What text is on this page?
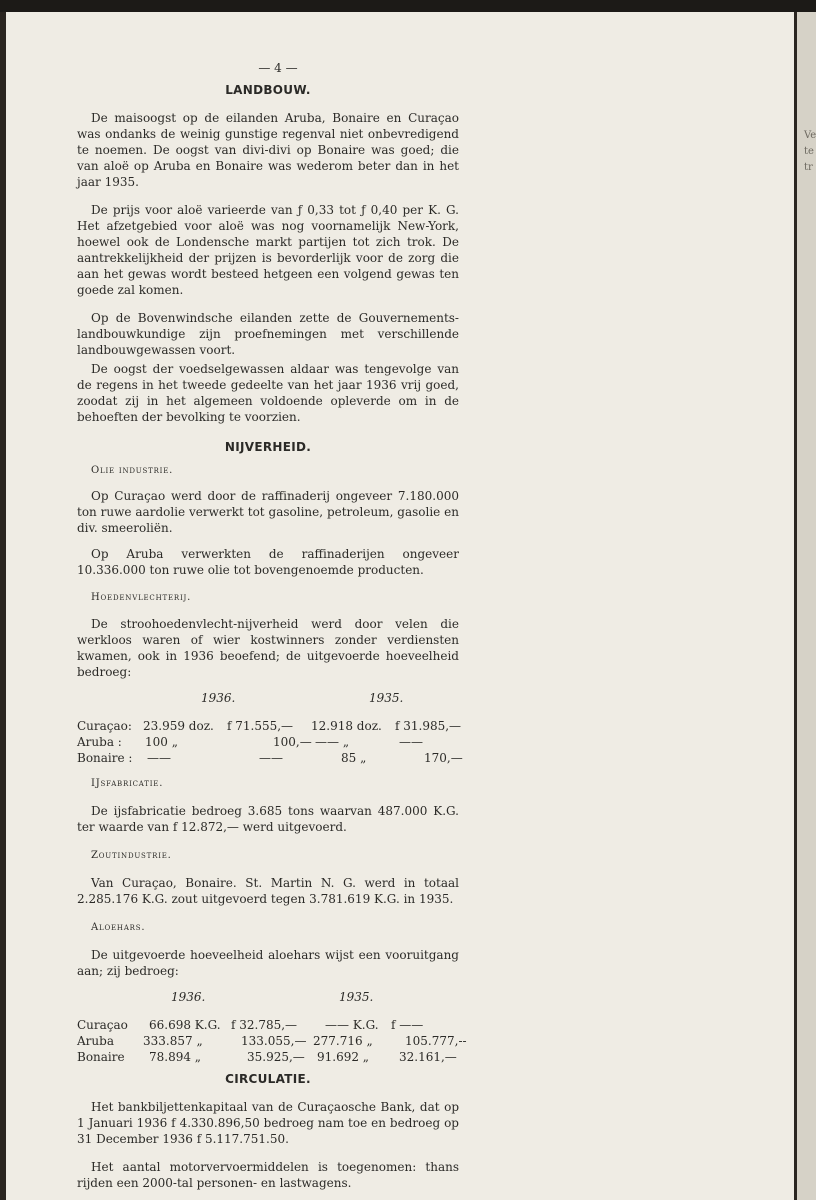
Ve
te
tr
— 4 —
LANDBOUW.

De maisoogst op de eilanden Aruba, Bonaire en Curaçao was ondanks de weinig gunstige regenval niet onbevredigend te noemen. De oogst van divi-divi op Bonaire was goed; die van aloë op Aruba en Bonaire was wederom beter dan in het jaar 1935.

De prijs voor aloë varieerde van ƒ 0,33 tot ƒ 0,40 per K. G. Het afzetgebied voor aloë was nog voornamelijk New-York, hoewel ook de Londensche markt partijen tot zich trok. De aantrekkelijkheid der prijzen is bevorderlijk voor de zorg die aan het gewas wordt besteed hetgeen een volgend gewas ten goede zal komen.

Op de Bovenwindsche eilanden zette de Gouvernements-landbouwkundige zijn proefnemingen met verschillende landbouwgewassen voort.

De oogst der voedselgewassen aldaar was tengevolge van de regens in het tweede gedeelte van het jaar 1936 vrij goed, zoodat zij in het algemeen voldoende opleverde om in de behoeften der bevolking te voorzien.

NIJVERHEID.
Olie industrie.

Op Curaçao werd door de raffinaderij ongeveer 7.180.000 ton ruwe aardolie verwerkt tot gasoline, petroleum, gasolie en div. smeeroliën.

Op Aruba verwerkten de raffinaderijen ongeveer 10.336.000 ton ruwe olie tot bovengenoemde producten.

Hoedenvlechterij.

De stroohoedenvlecht-nijverheid werd door velen die werkloos waren of wier kostwinners zonder verdiensten kwamen, ook in 1936 beoefend; de uitgevoerde hoeveelheid bedroeg:

1936.	1935.
Curaçao: 23.959 doz. f 71.555,— 12.918 doz. f 31.985,—
Aruba : 100 „	100,— —— „	——
Bonaire : ——	——	85 „	170,—
IJsfabricatie.

De ijsfabricatie bedroeg 3.685 tons waarvan 487.000 K.G. ter waarde van f 12.872,— werd uitgevoerd.

Zoutindustrie.

Van Curaçao, Bonaire. St. Martin N. G. werd in totaal 2.285.176 K.G. zout uitgevoerd tegen 3.781.619 K.G. in 1935.

Aloehars.

De uitgevoerde hoeveelheid aloehars wijst een vooruitgang aan; zij bedroeg:

1936.	1935.
Curaçao 66.698 K.G. f 32.785,— —— K.G. f ——
Aruba 333.857 „	133.055,— 277.716 „	105.777,--
Bonaire 78.894 „	35.925,— 91.692 „ 32.161,—
CIRCULATIE.

Het bankbiljettenkapitaal van de Curaçaosche Bank, dat op 1 Januari 1936 f 4.330.896,50 bedroeg nam toe en bedroeg op 31 December 1936 f 5.117.751.50.

Het aantal motorvervoermiddelen is toegenomen: thans rijden een 2000-tal personen- en lastwagens.
